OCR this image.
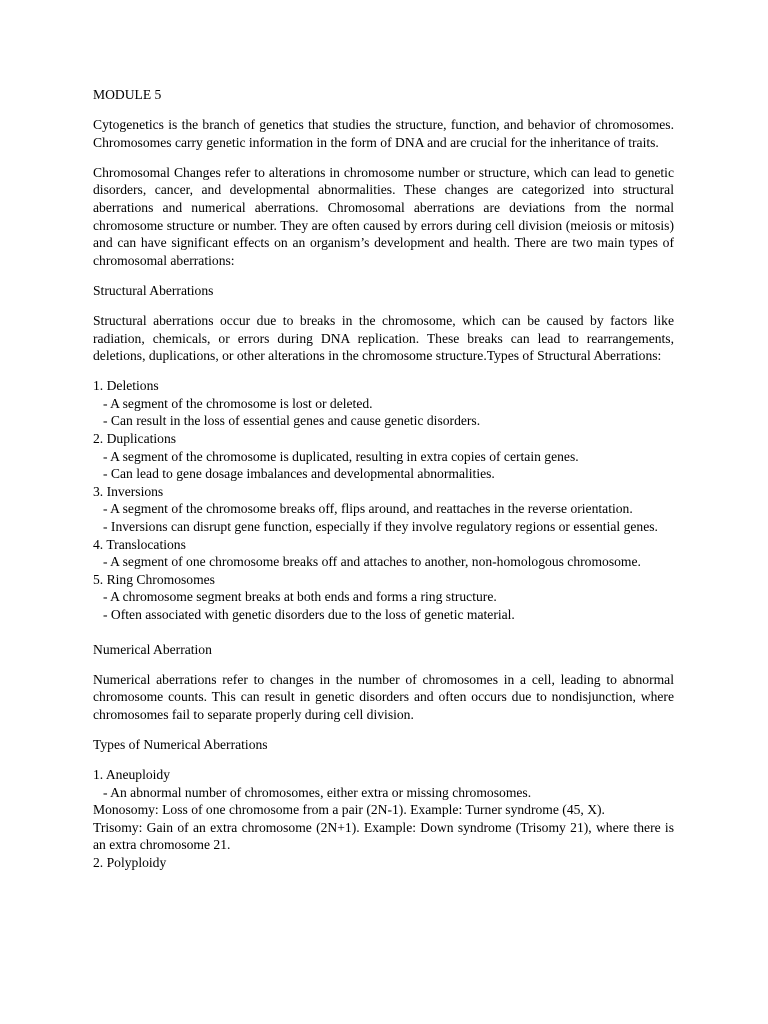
MODULE 5

Cytogenetics is the branch of genetics that studies the structure, function, and behavior of chromosomes. Chromosomes carry genetic information in the form of DNA and are crucial for the inheritance of traits.

Chromosomal Changes refer to alterations in chromosome number or structure, which can lead to genetic disorders, cancer, and developmental abnormalities. These changes are categorized into structural aberrations and numerical aberrations. Chromosomal aberrations are deviations from the normal chromosome structure or number. They are often caused by errors during cell division (meiosis or mitosis) and can have significant effects on an organism’s development and health. There are two main types of chromosomal aberrations:

Structural Aberrations

Structural aberrations occur due to breaks in the chromosome, which can be caused by factors like radiation, chemicals, or errors during DNA replication. These breaks can lead to rearrangements, deletions, duplications, or other alterations in the chromosome structure.Types of Structural Aberrations:

1. Deletions

- A segment of the chromosome is lost or deleted.

- Can result in the loss of essential genes and cause genetic disorders.

2. Duplications

- A segment of the chromosome is duplicated, resulting in extra copies of certain genes.

- Can lead to gene dosage imbalances and developmental abnormalities.

3. Inversions

- A segment of the chromosome breaks off, flips around, and reattaches in the reverse orientation.

- Inversions can disrupt gene function, especially if they involve regulatory regions or essential genes.

4. Translocations

- A segment of one chromosome breaks off and attaches to another, non-homologous chromosome.

5. Ring Chromosomes

- A chromosome segment breaks at both ends and forms a ring structure.

- Often associated with genetic disorders due to the loss of genetic material.

Numerical Aberration

Numerical aberrations refer to changes in the number of chromosomes in a cell, leading to abnormal chromosome counts. This can result in genetic disorders and often occurs due to nondisjunction, where chromosomes fail to separate properly during cell division.

Types of Numerical Aberrations

1. Aneuploidy

- An abnormal number of chromosomes, either extra or missing chromosomes.

Monosomy: Loss of one chromosome from a pair (2N-1). Example: Turner syndrome (45, X).

Trisomy: Gain of an extra chromosome (2N+1). Example: Down syndrome (Trisomy 21), where there is an extra chromosome 21.

2. Polyploidy
